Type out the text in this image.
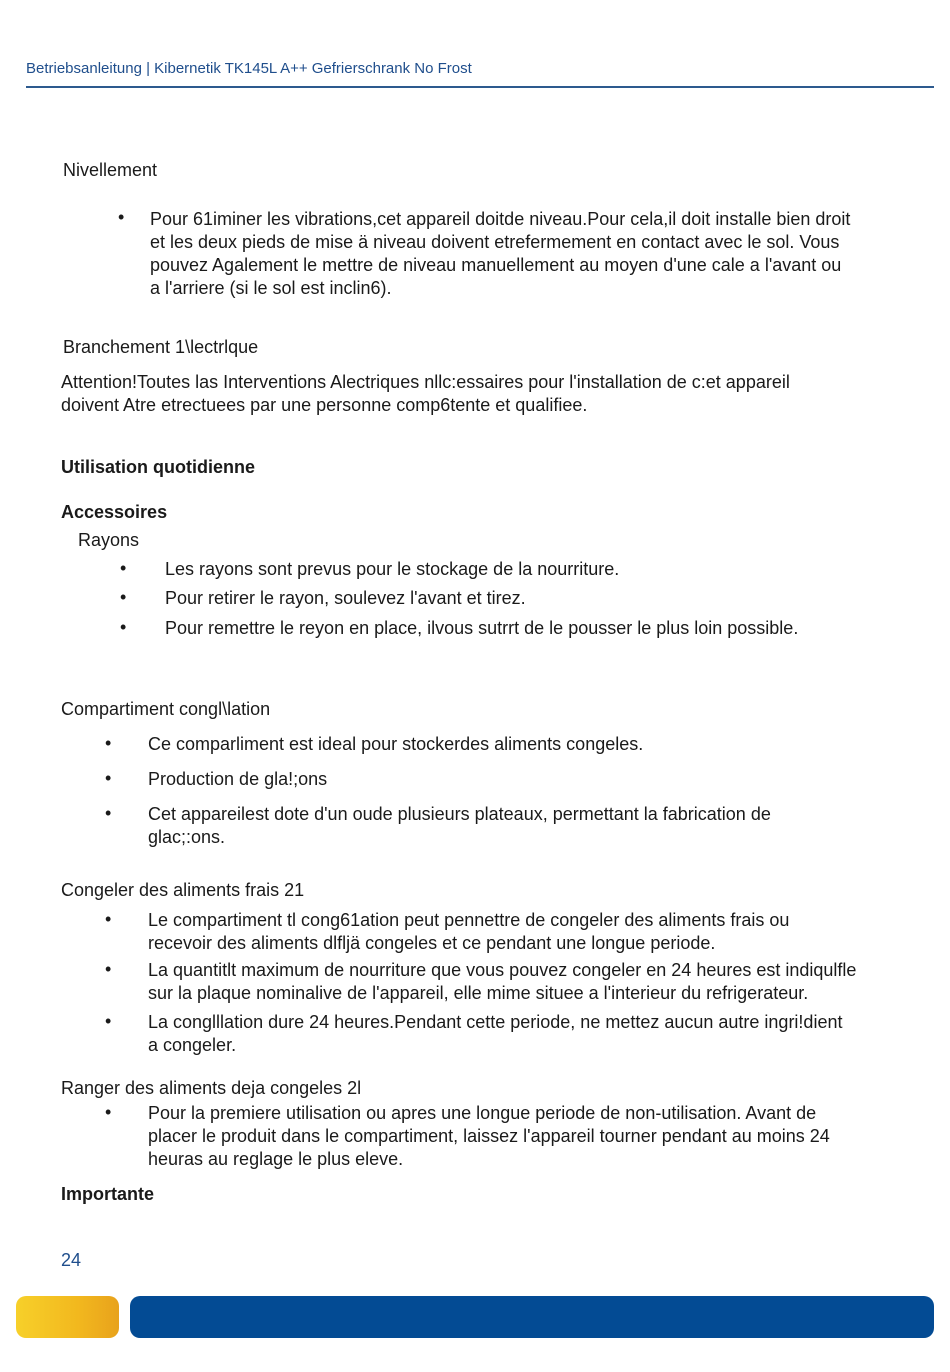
Betriebsanleitung | Kibernetik TK145L A++ Gefrierschrank No Frost
Nivellement
• Pour 61iminer les vibrations,cet appareil doitde niveau.Pour cela,il doit installe bien droit
et les deux pieds de mise ä niveau doivent etrefermement en contact avec le sol. Vous
pouvez Agalement le mettre de niveau manuellement au moyen d'une cale a l'avant ou
a l'arriere (si le sol est inclin6).
Branchement 1\lectrlque
Attention!Toutes las Interventions Alectriques nllc:essaires pour l'installation de c:et appareil
doivent Atre etrectuees par une personne comp6tente et qualifiee.
Utilisation quotidienne
Accessoires
Rayons
• Les rayons sont prevus pour le stockage de la nourriture.
• Pour retirer le rayon, soulevez l'avant et tirez.
• Pour remettre le reyon en place, ilvous sutrrt de le pousser le plus loin possible.
Compartiment congl\lation
• Ce comparliment est ideal pour stockerdes aliments congeles.
• Production de gla!;ons
• Cet appareilest dote d'un oude plusieurs plateaux, permettant la fabrication de
glac;:ons.
Congeler des aliments frais 21
• Le compartiment tl cong61ation peut pennettre de congeler des aliments frais ou
recevoir des aliments dlfljä congeles et ce pendant une longue periode.
• La quantitlt maximum de nourriture que vous pouvez congeler en 24 heures est indiqulfle
sur la plaque nominalive de l'appareil, elle mime situee a l'interieur du refrigerateur.
• La conglllation dure 24 heures.Pendant cette periode, ne mettez aucun autre ingri!dient
a congeler.
Ranger des aliments deja congeles 2l
• Pour la premiere utilisation ou apres une longue periode de non-utilisation. Avant de
placer le produit dans le compartiment, laissez l'appareil tourner pendant au moins 24
heuras au reglage le plus eleve.
Importante
24
